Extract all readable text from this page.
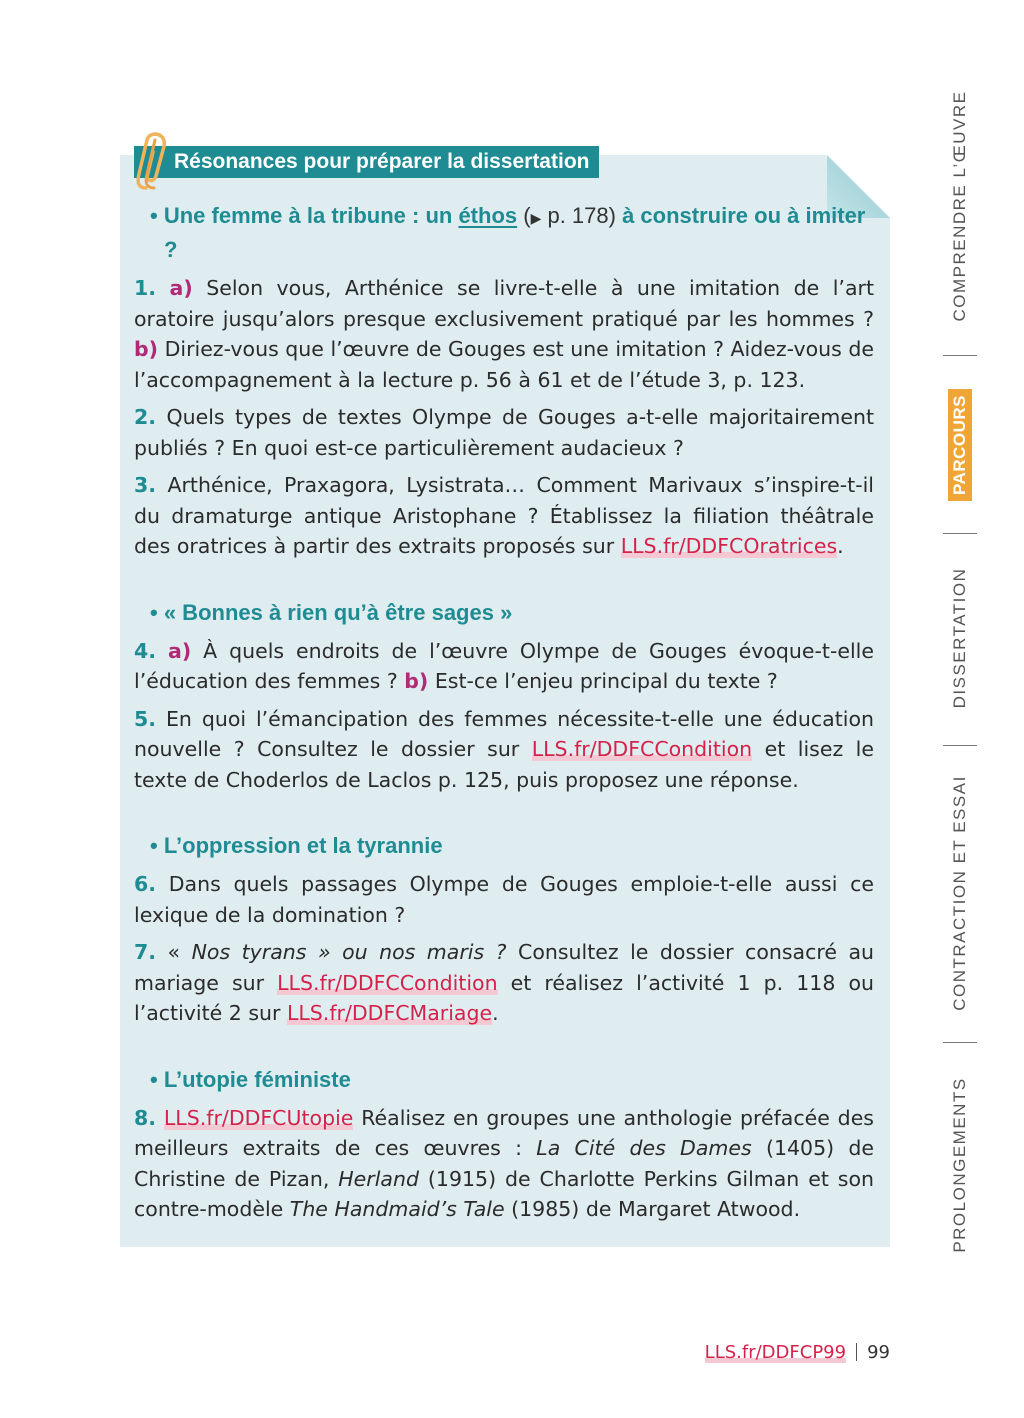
Résonances pour préparer la dissertation
• Une femme à la tribune : un éthos (▶ p. 178) à construire ou à imiter ?

1. a) Selon vous, Arthénice se livre-t-elle à une imitation de l’art oratoire jusqu’alors presque exclusivement pratiqué par les hommes ? b) Diriez-vous que l’œuvre de Gouges est une imitation ? Aidez-vous de l’accompagnement à la lecture p. 56 à 61 et de l’étude 3, p. 123.

2. Quels types de textes Olympe de Gouges a-t-elle majoritairement publiés ? En quoi est-ce particulièrement audacieux ?

3. Arthénice, Praxagora, Lysistrata… Comment Marivaux s’inspire-t-il du dramaturge antique Aristophane ? Établissez la filiation théâtrale des oratrices à partir des extraits proposés sur LLS.fr/DDFCOratrices.

• « Bonnes à rien qu’à être sages »

4. a) À quels endroits de l’œuvre Olympe de Gouges évoque-t-elle l’éducation des femmes ? b) Est-ce l’enjeu principal du texte ?

5. En quoi l’émancipation des femmes nécessite-t-elle une éducation nouvelle ? Consultez le dossier sur LLS.fr/DDFCCondition et lisez le texte de Choderlos de Laclos p. 125, puis proposez une réponse.

• L’oppression et la tyrannie

6. Dans quels passages Olympe de Gouges emploie-t-elle aussi ce lexique de la domination ?

7. « Nos tyrans » ou nos maris ? Consultez le dossier consacré au mariage sur LLS.fr/DDFCCondition et réalisez l’activité 1 p. 118 ou l’activité 2 sur LLS.fr/DDFCMariage.

• L’utopie féministe

8. LLS.fr/DDFCUtopie Réalisez en groupes une anthologie préfacée des meilleurs extraits de ces œuvres : La Cité des Dames (1405) de Christine de Pizan, Herland (1915) de Charlotte Perkins Gilman et son contre-modèle The Handmaid’s Tale (1985) de Margaret Atwood.

COMPRENDRE L’ŒUVRE
PARCOURS
DISSERTATION
CONTRACTION ET ESSAI
PROLONGEMENTS
LLS.fr/DDFCP99 99
